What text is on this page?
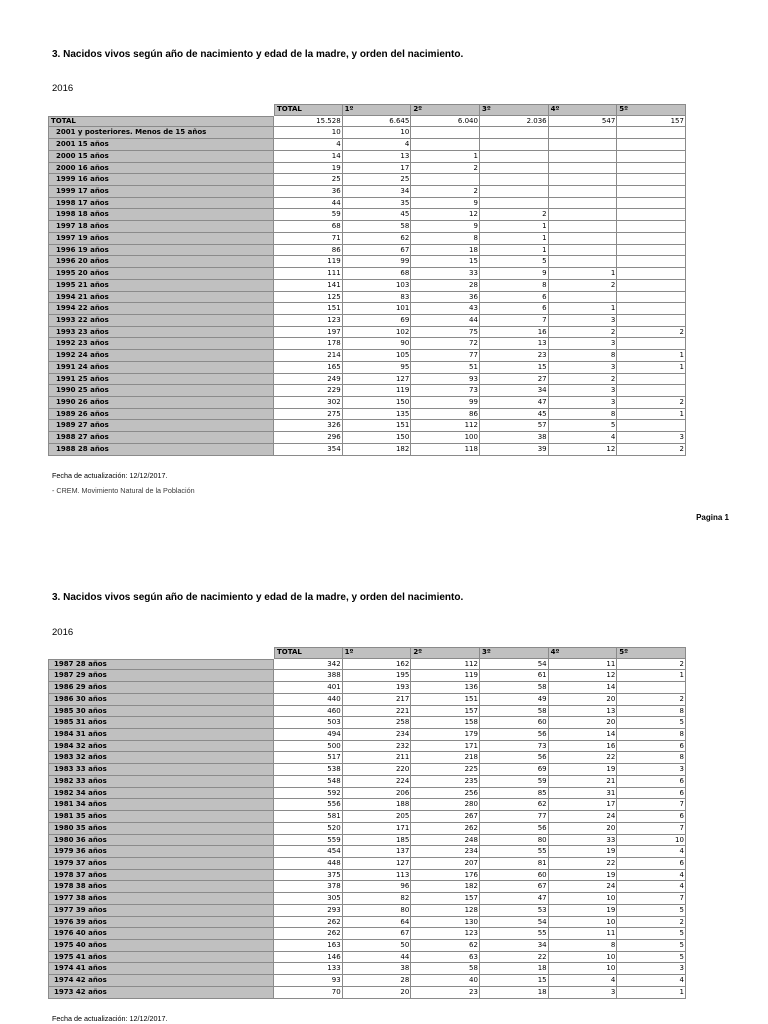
3. Nacidos vivos según año de nacimiento y edad de la madre, y orden del nacimiento.
2016
TOTAL	1º	2º	3º	4º	5º
TOTAL	15.528	6.645	6.040	2.036	547	157
2001 y posteriores. Menos de 15 años	10	10
2001 15 años	4	4
2000 15 años	14	13	1
2000 16 años	19	17	2
1999 16 años	25	25
1999 17 años	36	34	2
1998 17 años	44	35	9
1998 18 años	59	45	12	2
1997 18 años	68	58	9	1
1997 19 años	71	62	8	1
1996 19 años	86	67	18	1
1996 20 años	119	99	15	5
1995 20 años	111	68	33	9	1
1995 21 años	141	103	28	8	2
1994 21 años	125	83	36	6
1994 22 años	151	101	43	6	1
1993 22 años	123	69	44	7	3
1993 23 años	197	102	75	16	2	2
1992 23 años	178	90	72	13	3
1992 24 años	214	105	77	23	8	1
1991 24 años	165	95	51	15	3	1
1991 25 años	249	127	93	27	2
1990 25 años	229	119	73	34	3
1990 26 años	302	150	99	47	3	2
1989 26 años	275	135	86	45	8	1
1989 27 años	326	151	112	57	5
1988 27 años	296	150	100	38	4	3
1988 28 años	354	182	118	39	12	2
Fecha de actualización: 12/12/2017.
- CREM. Movimiento Natural de la Población
Pagina 1
3. Nacidos vivos según año de nacimiento y edad de la madre, y orden del nacimiento.
2016
TOTAL	1º	2º	3º	4º	5º
1987 28 años	342	162	112	54	11	2
1987 29 años	388	195	119	61	12	1
1986 29 años	401	193	136	58	14
1986 30 años	440	217	151	49	20	2
1985 30 años	460	221	157	58	13	8
1985 31 años	503	258	158	60	20	5
1984 31 años	494	234	179	56	14	8
1984 32 años	500	232	171	73	16	6
1983 32 años	517	211	218	56	22	8
1983 33 años	538	220	225	69	19	3
1982 33 años	548	224	235	59	21	6
1982 34 años	592	206	256	85	31	6
1981 34 años	556	188	280	62	17	7
1981 35 años	581	205	267	77	24	6
1980 35 años	520	171	262	56	20	7
1980 36 años	559	185	248	80	33	10
1979 36 años	454	137	234	55	19	4
1979 37 años	448	127	207	81	22	6
1978 37 años	375	113	176	60	19	4
1978 38 años	378	96	182	67	24	4
1977 38 años	305	82	157	47	10	7
1977 39 años	293	80	128	53	19	5
1976 39 años	262	64	130	54	10	2
1976 40 años	262	67	123	55	11	5
1975 40 años	163	50	62	34	8	5
1975 41 años	146	44	63	22	10	5
1974 41 años	133	38	58	18	10	3
1974 42 años	93	28	40	15	4	4
1973 42 años	70	20	23	18	3	1
Fecha de actualización: 12/12/2017.
